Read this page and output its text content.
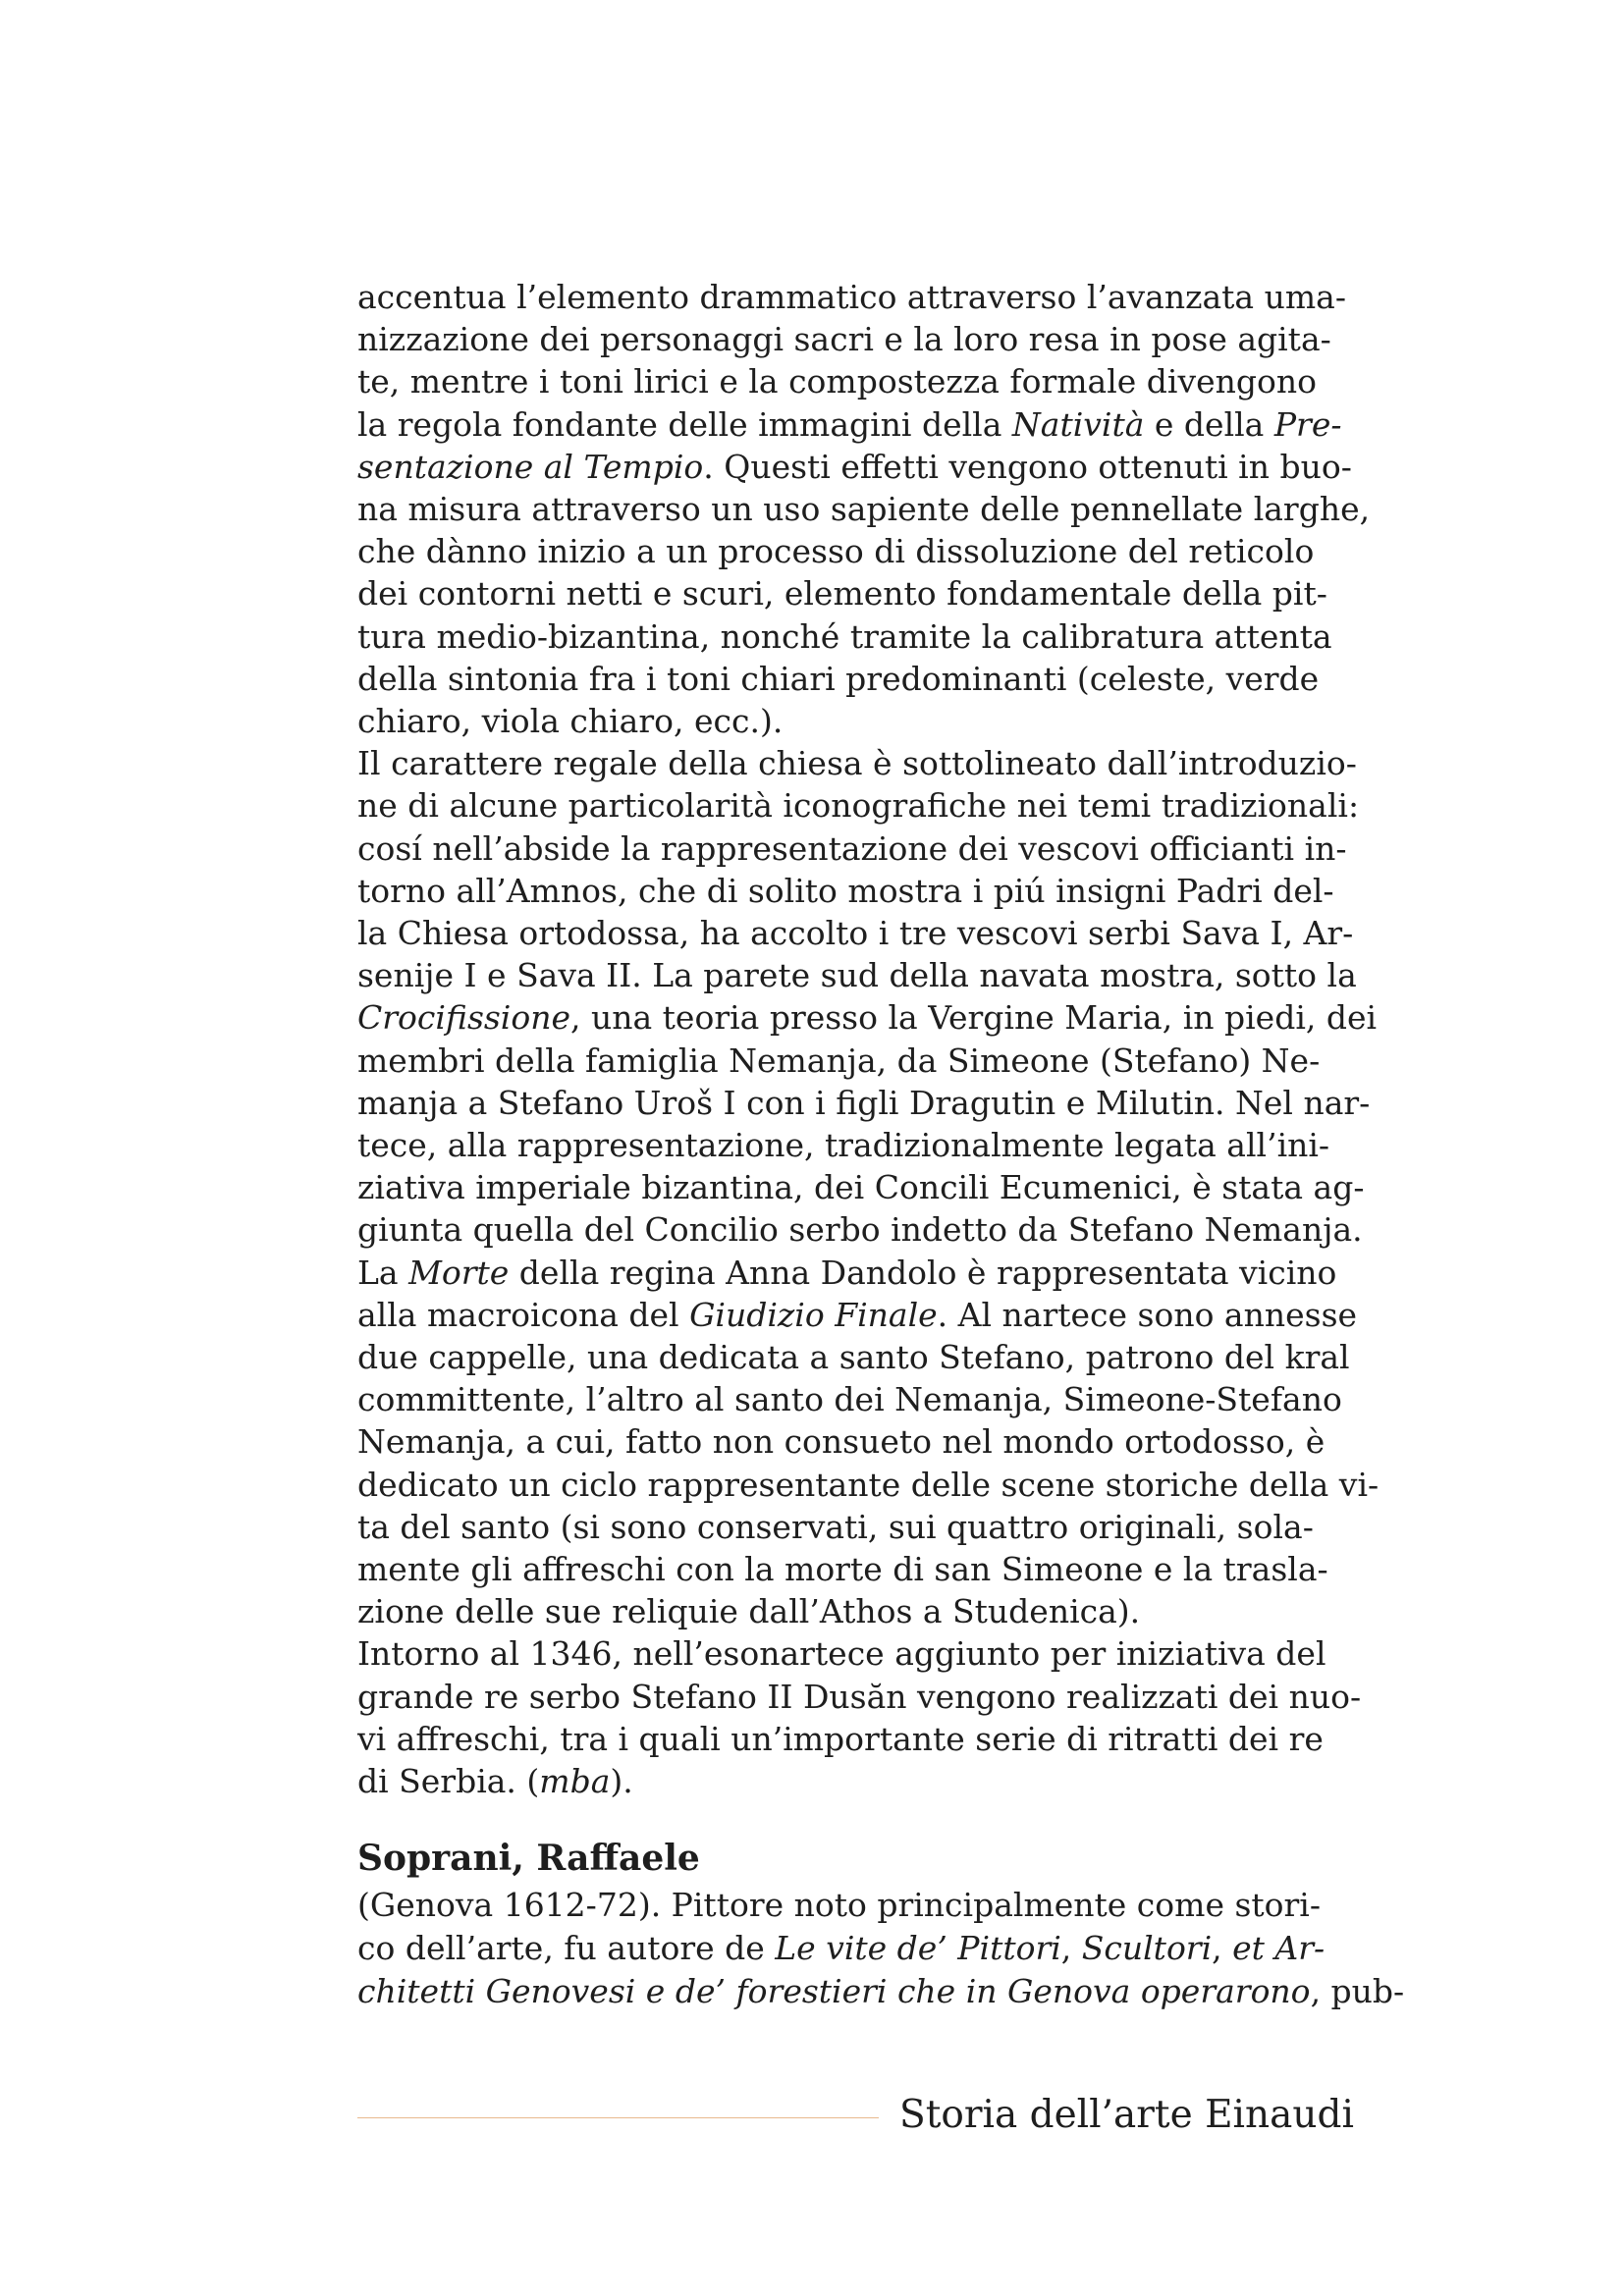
accentua l’elemento drammatico attraverso l’avanzata uma-
nizzazione dei personaggi sacri e la loro resa in pose agita-
te, mentre i toni lirici e la compostezza formale divengono
la regola fondante delle immagini della Natività e della Pre-
sentazione al Tempio. Questi effetti vengono ottenuti in buo-
na misura attraverso un uso sapiente delle pennellate larghe,
che dànno inizio a un processo di dissoluzione del reticolo
dei contorni netti e scuri, elemento fondamentale della pit-
tura medio-bizantina, nonché tramite la calibratura attenta
della sintonia fra i toni chiari predominanti (celeste, verde
chiaro, viola chiaro, ecc.).
Il carattere regale della chiesa è sottolineato dall’introduzio-
ne di alcune particolarità iconografiche nei temi tradizionali:
cosí nell’abside la rappresentazione dei vescovi officianti in-
torno all’Amnos, che di solito mostra i piú insigni Padri del-
la Chiesa ortodossa, ha accolto i tre vescovi serbi Sava I, Ar-
senije I e Sava II. La parete sud della navata mostra, sotto la
Crocifissione, una teoria presso la Vergine Maria, in piedi, dei
membri della famiglia Nemanja, da Simeone (Stefano) Ne-
manja a Stefano Uroš I con i figli Dragutin e Milutin. Nel nar-
tece, alla rappresentazione, tradizionalmente legata all’ini-
ziativa imperiale bizantina, dei Concili Ecumenici, è stata ag-
giunta quella del Concilio serbo indetto da Stefano Nemanja.
La Morte della regina Anna Dandolo è rappresentata vicino
alla macroicona del Giudizio Finale. Al nartece sono annesse
due cappelle, una dedicata a santo Stefano, patrono del kral
committente, l’altro al santo dei Nemanja, Simeone-Stefano
Nemanja, a cui, fatto non consueto nel mondo ortodosso, è
dedicato un ciclo rappresentante delle scene storiche della vi-
ta del santo (si sono conservati, sui quattro originali, sola-
mente gli affreschi con la morte di san Simeone e la trasla-
zione delle sue reliquie dall’Athos a Studenica).
Intorno al 1346, nell’esonartece aggiunto per iniziativa del
grande re serbo Stefano II Dusăn vengono realizzati dei nuo-
vi affreschi, tra i quali un’importante serie di ritratti dei re
di Serbia. (mba).
Soprani, Raffaele
(Genova 1612-72). Pittore noto principalmente come stori-
co dell’arte, fu autore de Le vite de’ Pittori, Scultori, et Ar-
chitetti Genovesi e de’ forestieri che in Genova operarono, pub-
Storia dell’arte Einaudi
